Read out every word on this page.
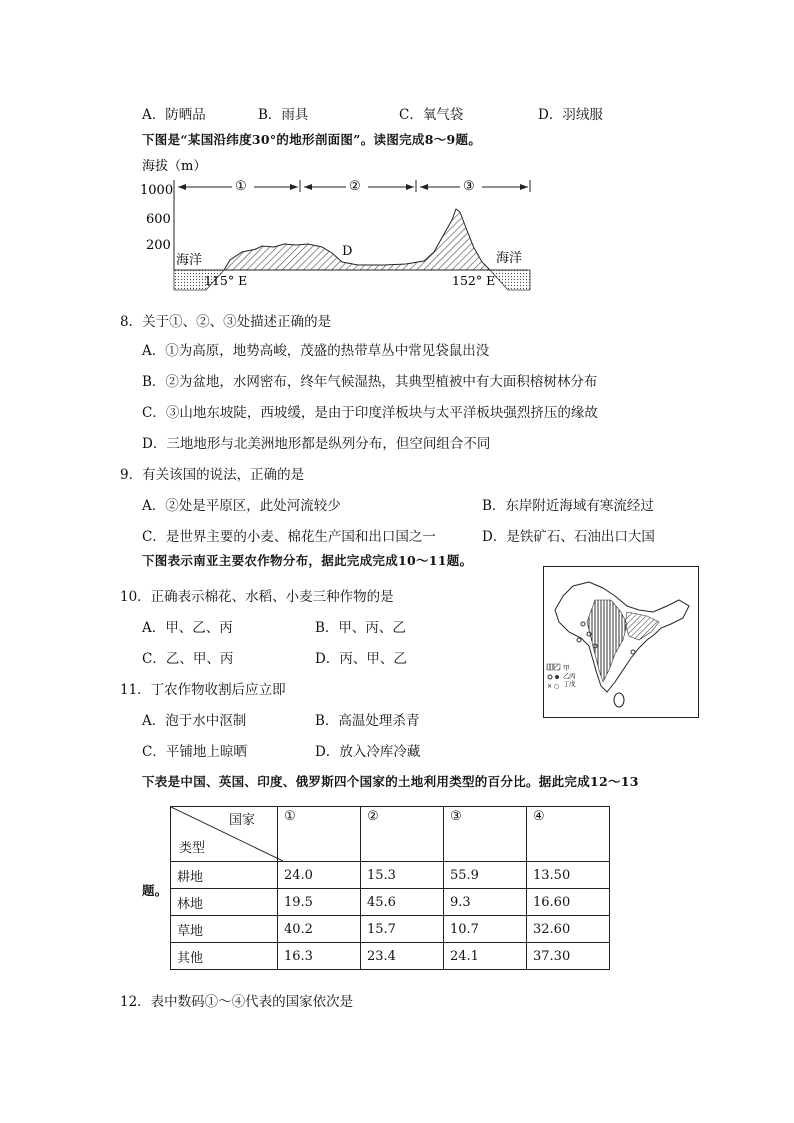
A．防晒品	B．雨具	C．氧气袋	D．羽绒服
下图是“某国沿纬度30°的地形剖面图”。读图完成8～9题。
海拔（m）
1000
600
200
①	②	③
海洋	海洋
D
115° E	152° E
8．关于①、②、③处描述正确的是
A．①为高原，地势高峻，茂盛的热带草丛中常见袋鼠出没
B．②为盆地，水网密布，终年气候湿热，其典型植被中有大面积榕树林分布
C．③山地东坡陡，西坡缓，是由于印度洋板块与太平洋板块强烈挤压的缘故
D．三地地形与北美洲地形都是纵列分布，但空间组合不同
9．有关该国的说法，正确的是
A．②处是平原区，此处河流较少	B．东岸附近海域有寒流经过
C．是世界主要的小麦、棉花生产国和出口国之一	D．是铁矿石、石油出口大国
下图表示南亚主要农作物分布，据此完成完成10～11题。
× ○
甲
乙 丙
丁 戊
10．正确表示棉花、水稻、小麦三种作物的是
A．甲、乙、丙	B．甲、丙、乙
C．乙、甲、丙	D．丙、甲、乙
11．丁农作物收割后应立即
A．泡于水中沤制	B．高温处理杀青
C．平铺地上晾晒	D．放入冷库冷藏
下表是中国、英国、印度、俄罗斯四个国家的土地利用类型的百分比。据此完成12～13
题。
国家
类型	①	②	③	④
耕地	24.0	15.3	55.9	13.50
林地	19.5	45.6	9.3	16.60
草地	40.2	15.7	10.7	32.60
其他	16.3	23.4	24.1	37.30
12．表中数码①～④代表的国家依次是
